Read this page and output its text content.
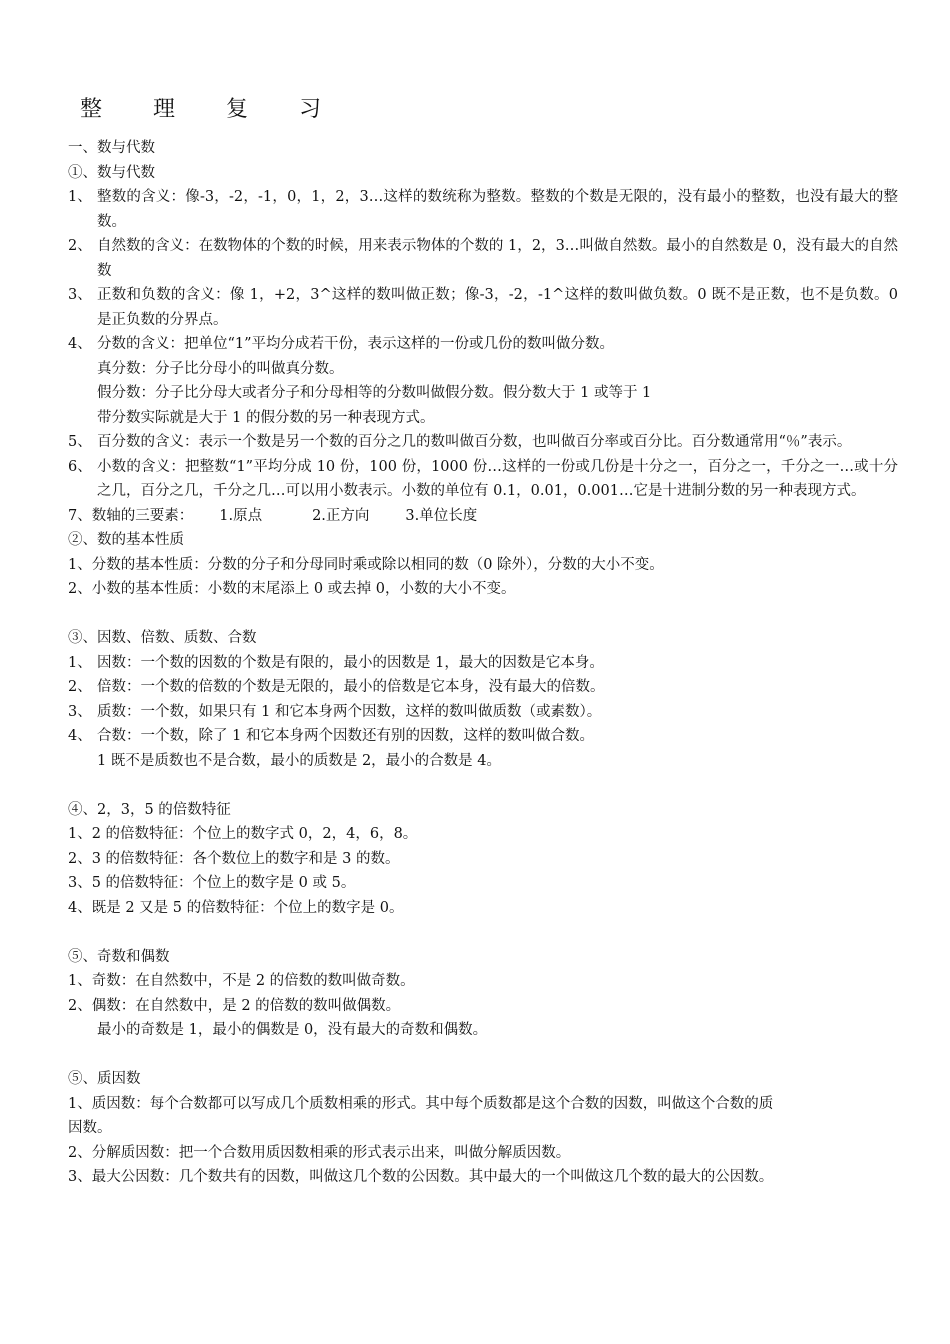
整 理 复 习
一、数与代数
①、数与代数
1、 整数的含义：像-3，-2，-1，0，1，2，3…这样的数统称为整数。整数的个数是无限的，没有最小的整数，也没有最大的整数。
2、 自然数的含义：在数物体的个数的时候，用来表示物体的个数的 1，2，3…叫做自然数。最小的自然数是 0，没有最大的自然数
3、 正数和负数的含义：像 1，+2，3^这样的数叫做正数；像-3，-2，-1^这样的数叫做负数。0 既不是正数，也不是负数。0 是正负数的分界点。
4、 分数的含义：把单位“1”平均分成若干份，表示这样的一份或几份的数叫做分数。
真分数：分子比分母小的叫做真分数。
假分数：分子比分母大或者分子和分母相等的分数叫做假分数。假分数大于 1 或等于 1
带分数实际就是大于 1 的假分数的另一种表现方式。
5、 百分数的含义：表示一个数是另一个数的百分之几的数叫做百分数，也叫做百分率或百分比。百分数通常用“％”表示。
6、 小数的含义：把整数“1”平均分成 10 份，100 份，1000 份…这样的一份或几份是十分之一，百分之一，千分之一…或十分之几，百分之几，千分之几…可以用小数表示。小数的单位有 0.1，0.01，0.001…它是十进制分数的另一种表现方式。
7、数轴的三要素： 1.原点	2.正方向 3.单位长度
②、数的基本性质
1、分数的基本性质：分数的分子和分母同时乘或除以相同的数（0 除外），分数的大小不变。
2、小数的基本性质：小数的末尾添上 0 或去掉 0，小数的大小不变。
③、因数、倍数、质数、合数
1、 因数：一个数的因数的个数是有限的，最小的因数是 1，最大的因数是它本身。
2、 倍数：一个数的倍数的个数是无限的，最小的倍数是它本身，没有最大的倍数。
3、 质数：一个数，如果只有 1 和它本身两个因数，这样的数叫做质数（或素数）。
4、 合数：一个数，除了 1 和它本身两个因数还有别的因数，这样的数叫做合数。
1 既不是质数也不是合数，最小的质数是 2，最小的合数是 4。
④、2，3，5 的倍数特征
1、2 的倍数特征：个位上的数字式 0，2，4，6，8。
2、3 的倍数特征：各个数位上的数字和是 3 的数。
3、5 的倍数特征：个位上的数字是 0 或 5。
4、既是 2 又是 5 的倍数特征：个位上的数字是 0。
⑤、奇数和偶数
1、奇数：在自然数中，不是 2 的倍数的数叫做奇数。
2、偶数：在自然数中，是 2 的倍数的数叫做偶数。
最小的奇数是 1，最小的偶数是 0，没有最大的奇数和偶数。
⑤、质因数
1、质因数：每个合数都可以写成几个质数相乘的形式。其中每个质数都是这个合数的因数，叫做这个合数的质
因数。
2、分解质因数：把一个合数用质因数相乘的形式表示出来，叫做分解质因数。
3、最大公因数：几个数共有的因数，叫做这几个数的公因数。其中最大的一个叫做这几个数的最大的公因数。
